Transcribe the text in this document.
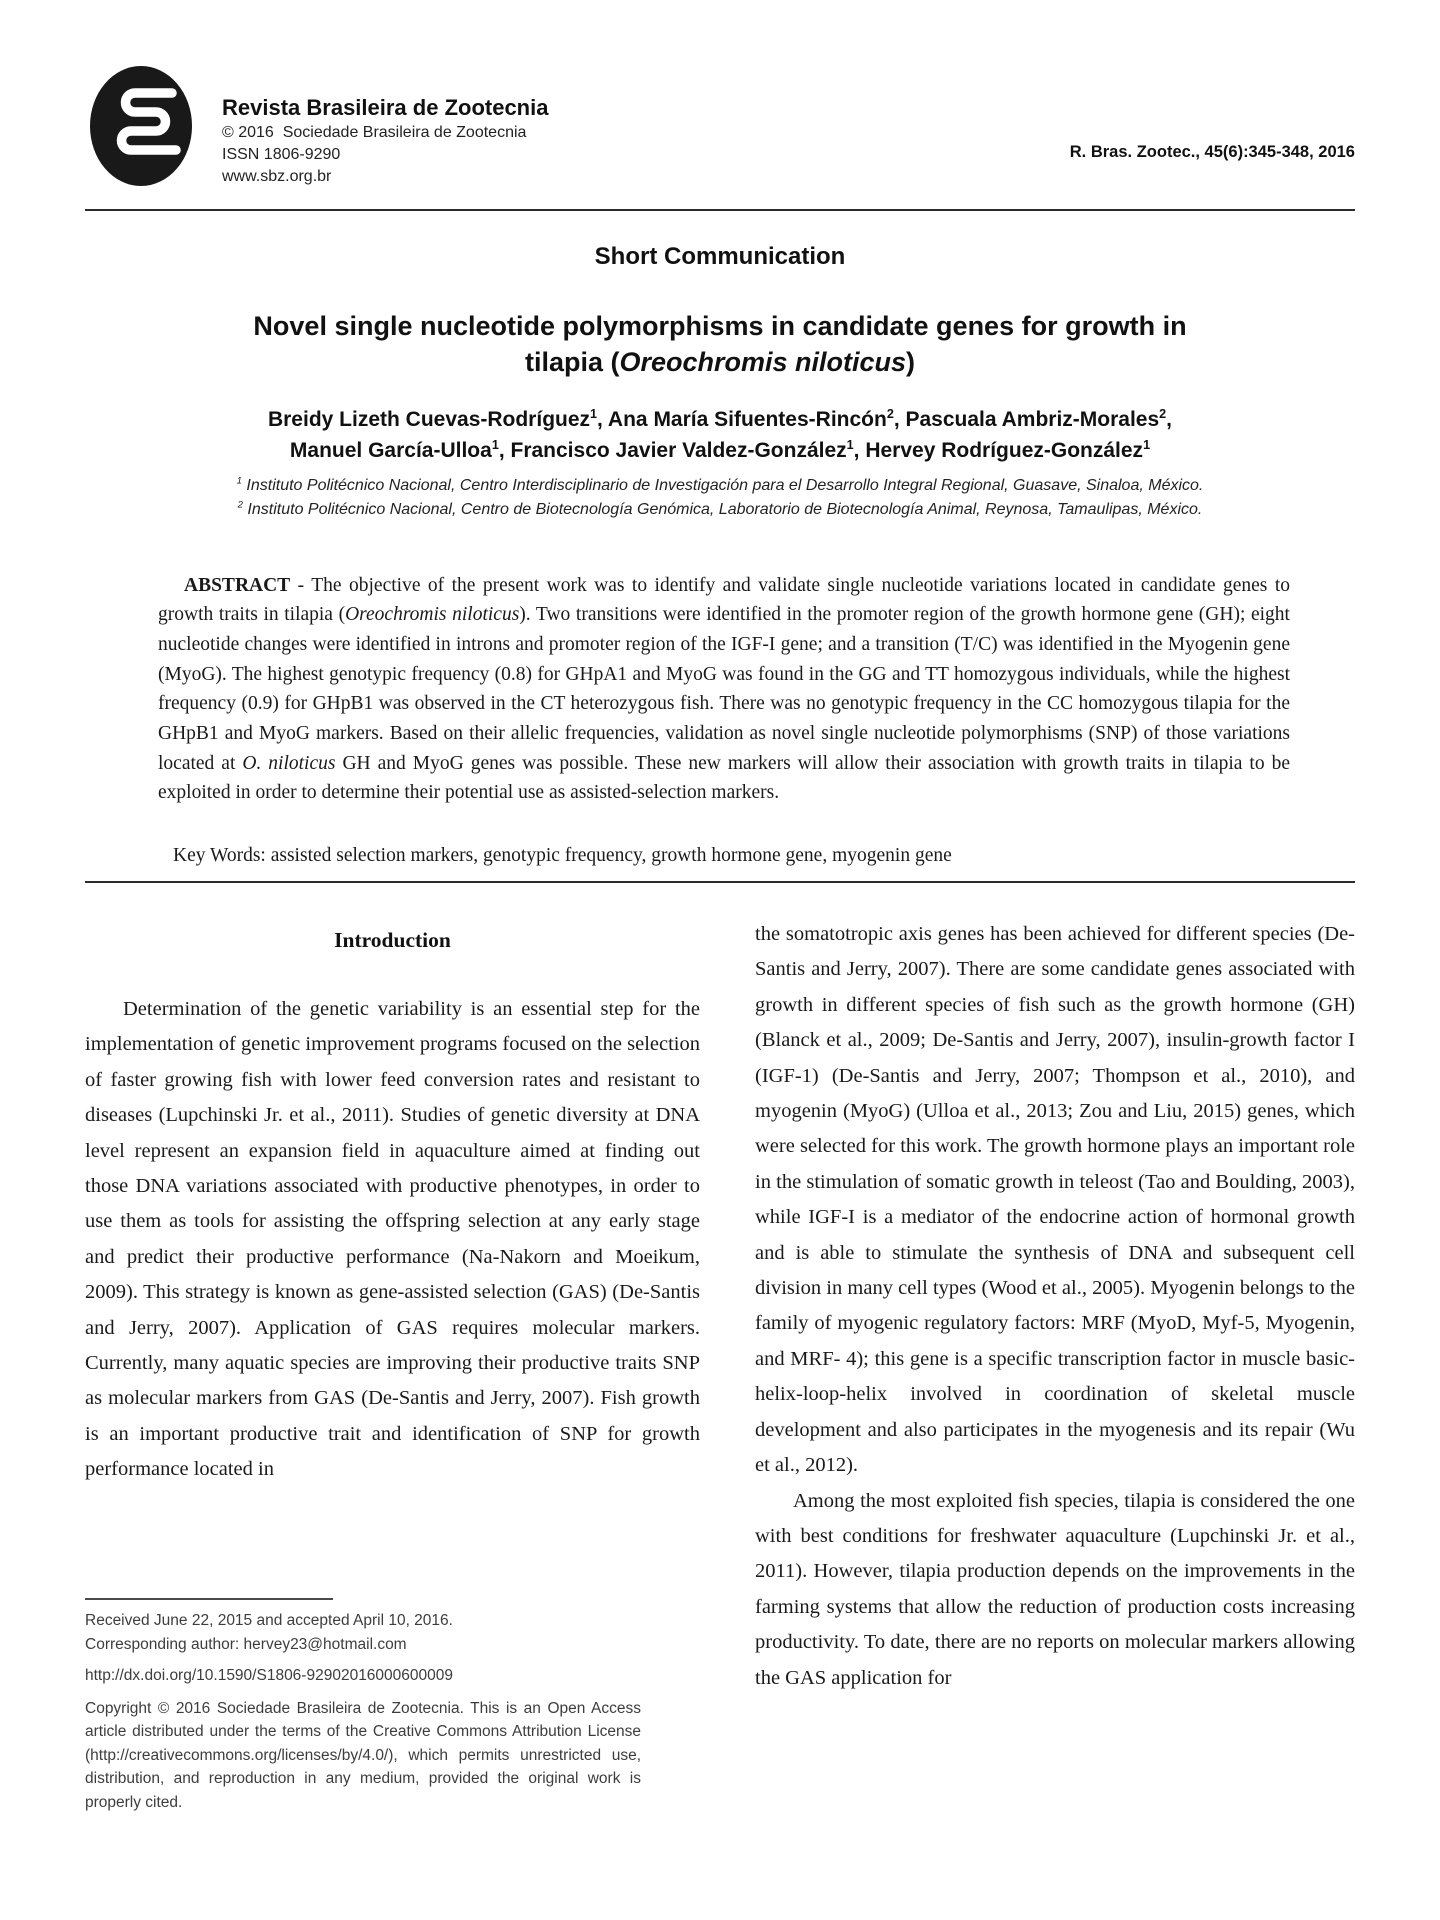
Revista Brasileira de Zootecnia
© 2016  Sociedade Brasileira de Zootecnia
ISSN 1806-9290
www.sbz.org.br
R. Bras. Zootec., 45(6):345-348, 2016
Short Communication
Novel single nucleotide polymorphisms in candidate genes for growth in
tilapia (Oreochromis niloticus)
Breidy Lizeth Cuevas-Rodríguez$^1$, Ana María Sifuentes-Rincón$^2$, Pascuala Ambriz-Morales$^2$,
Manuel García-Ulloa$^1$, Francisco Javier Valdez-González$^1$, Hervey Rodríguez-González$^1$
$^1$ Instituto Politécnico Nacional, Centro Interdisciplinario de Investigación para el Desarrollo Integral Regional, Guasave, Sinaloa, México.
$^2$ Instituto Politécnico Nacional, Centro de Biotecnología Genómica, Laboratorio de Biotecnología Animal, Reynosa, Tamaulipas, México.

ABSTRACT - The objective of the present work was to identify and validate single nucleotide variations located in candidate genes to growth traits in tilapia (Oreochromis niloticus). Two transitions were identified in the promoter region of the growth hormone gene (GH); eight nucleotide changes were identified in introns and promoter region of the IGF-I gene; and a transition (T/C) was identified in the Myogenin gene (MyoG). The highest genotypic frequency (0.8) for GHpA1 and MyoG was found in the GG and TT homozygous individuals, while the highest frequency (0.9) for GHpB1 was observed in the CT heterozygous fish. There was no genotypic frequency in the CC homozygous tilapia for the GHpB1 and MyoG markers. Based on their allelic frequencies, validation as novel single nucleotide polymorphisms (SNP) of those variations located at O. niloticus GH and MyoG genes was possible. These new markers will allow their association with growth traits in tilapia to be exploited in order to determine their potential use as assisted-selection markers.

Key Words: assisted selection markers, genotypic frequency, growth hormone gene, myogenin gene
Introduction

Determination of the genetic variability is an essential step for the implementation of genetic improvement programs focused on the selection of faster growing fish with lower feed conversion rates and resistant to diseases (Lupchinski Jr. et al., 2011). Studies of genetic diversity at DNA level represent an expansion field in aquaculture aimed at finding out those DNA variations associated with productive phenotypes, in order to use them as tools for assisting the offspring selection at any early stage and predict their productive performance (Na-Nakorn and Moeikum, 2009). This strategy is known as gene-assisted selection (GAS) (De-Santis and Jerry, 2007). Application of GAS requires molecular markers. Currently, many aquatic species are improving their productive traits SNP as molecular markers from GAS (De-Santis and Jerry, 2007). Fish growth is an important productive trait and identification of SNP for growth performance located in

the somatotropic axis genes has been achieved for different species (De-Santis and Jerry, 2007). There are some candidate genes associated with growth in different species of fish such as the growth hormone (GH) (Blanck et al., 2009; De-Santis and Jerry, 2007), insulin-growth factor I (IGF-1) (De-Santis and Jerry, 2007; Thompson et al., 2010), and myogenin (MyoG) (Ulloa et al., 2013; Zou and Liu, 2015) genes, which were selected for this work. The growth hormone plays an important role in the stimulation of somatic growth in teleost (Tao and Boulding, 2003), while IGF-I is a mediator of the endocrine action of hormonal growth and is able to stimulate the synthesis of DNA and subsequent cell division in many cell types (Wood et al., 2005). Myogenin belongs to the family of myogenic regulatory factors: MRF (MyoD, Myf-5, Myogenin, and MRF- 4); this gene is a specific transcription factor in muscle basic-helix-loop-helix involved in coordination of skeletal muscle development and also participates in the myogenesis and its repair (Wu et al., 2012).

Among the most exploited fish species, tilapia is considered the one with best conditions for freshwater aquaculture (Lupchinski Jr. et al., 2011). However, tilapia production depends on the improvements in the farming systems that allow the reduction of production costs increasing productivity. To date, there are no reports on molecular markers allowing the GAS application for

Received June 22, 2015 and accepted April 10, 2016.
Corresponding author: hervey23@hotmail.com
http://dx.doi.org/10.1590/S1806-92902016000600009
Copyright © 2016 Sociedade Brasileira de Zootecnia. This is an Open Access article distributed under the terms of the Creative Commons Attribution License (http://creativecommons.org/licenses/by/4.0/), which permits unrestricted use, distribution, and reproduction in any medium, provided the original work is properly cited.
